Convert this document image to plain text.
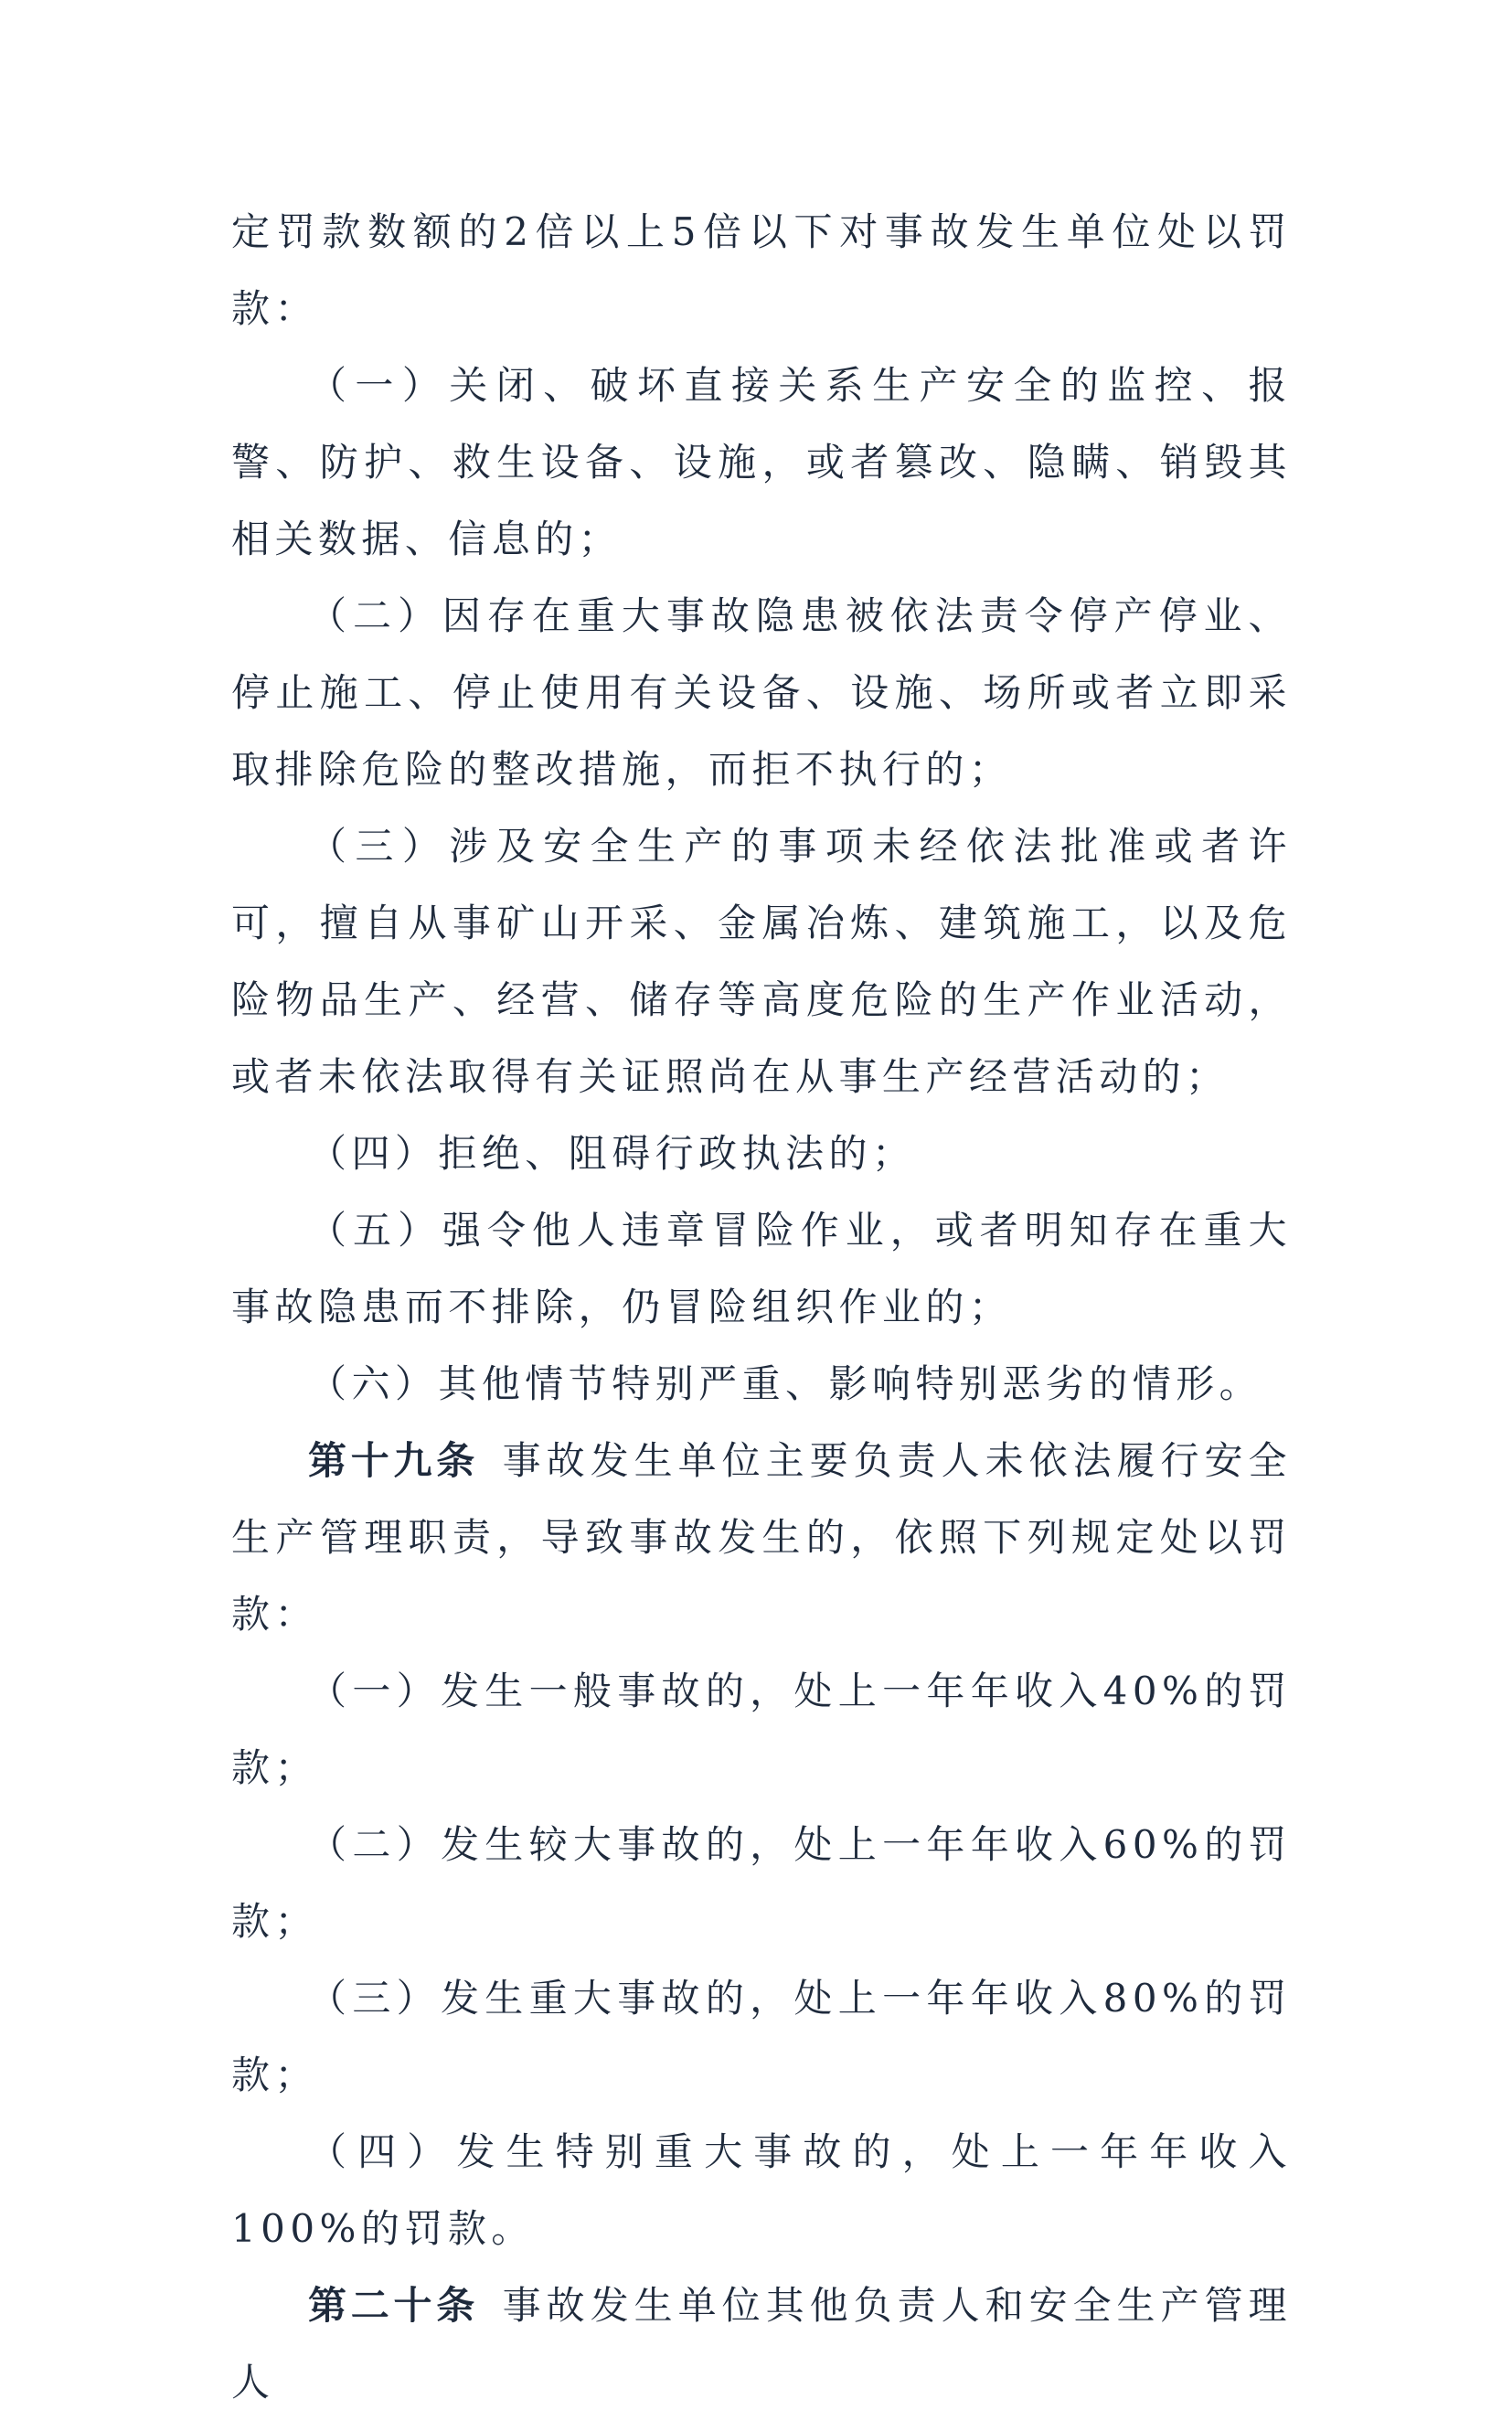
定罚款数额的2倍以上5倍以下对事故发生单位处以罚款：

（一）关闭、破坏直接关系生产安全的监控、报警、防护、救生设备、设施，或者篡改、隐瞒、销毁其相关数据、信息的；

（二）因存在重大事故隐患被依法责令停产停业、停止施工、停止使用有关设备、设施、场所或者立即采取排除危险的整改措施，而拒不执行的；

（三）涉及安全生产的事项未经依法批准或者许可，擅自从事矿山开采、金属冶炼、建筑施工，以及危险物品生产、经营、储存等高度危险的生产作业活动，或者未依法取得有关证照尚在从事生产经营活动的；

（四）拒绝、阻碍行政执法的；

（五）强令他人违章冒险作业，或者明知存在重大事故隐患而不排除，仍冒险组织作业的；

（六）其他情节特别严重、影响特别恶劣的情形。

第十九条 事故发生单位主要负责人未依法履行安全生产管理职责，导致事故发生的，依照下列规定处以罚款：

（一）发生一般事故的，处上一年年收入40%的罚款；

（二）发生较大事故的，处上一年年收入60%的罚款；

（三）发生重大事故的，处上一年年收入80%的罚款；

（四）发生特别重大事故的，处上一年年收入100%的罚款。

第二十条 事故发生单位其他负责人和安全生产管理人
